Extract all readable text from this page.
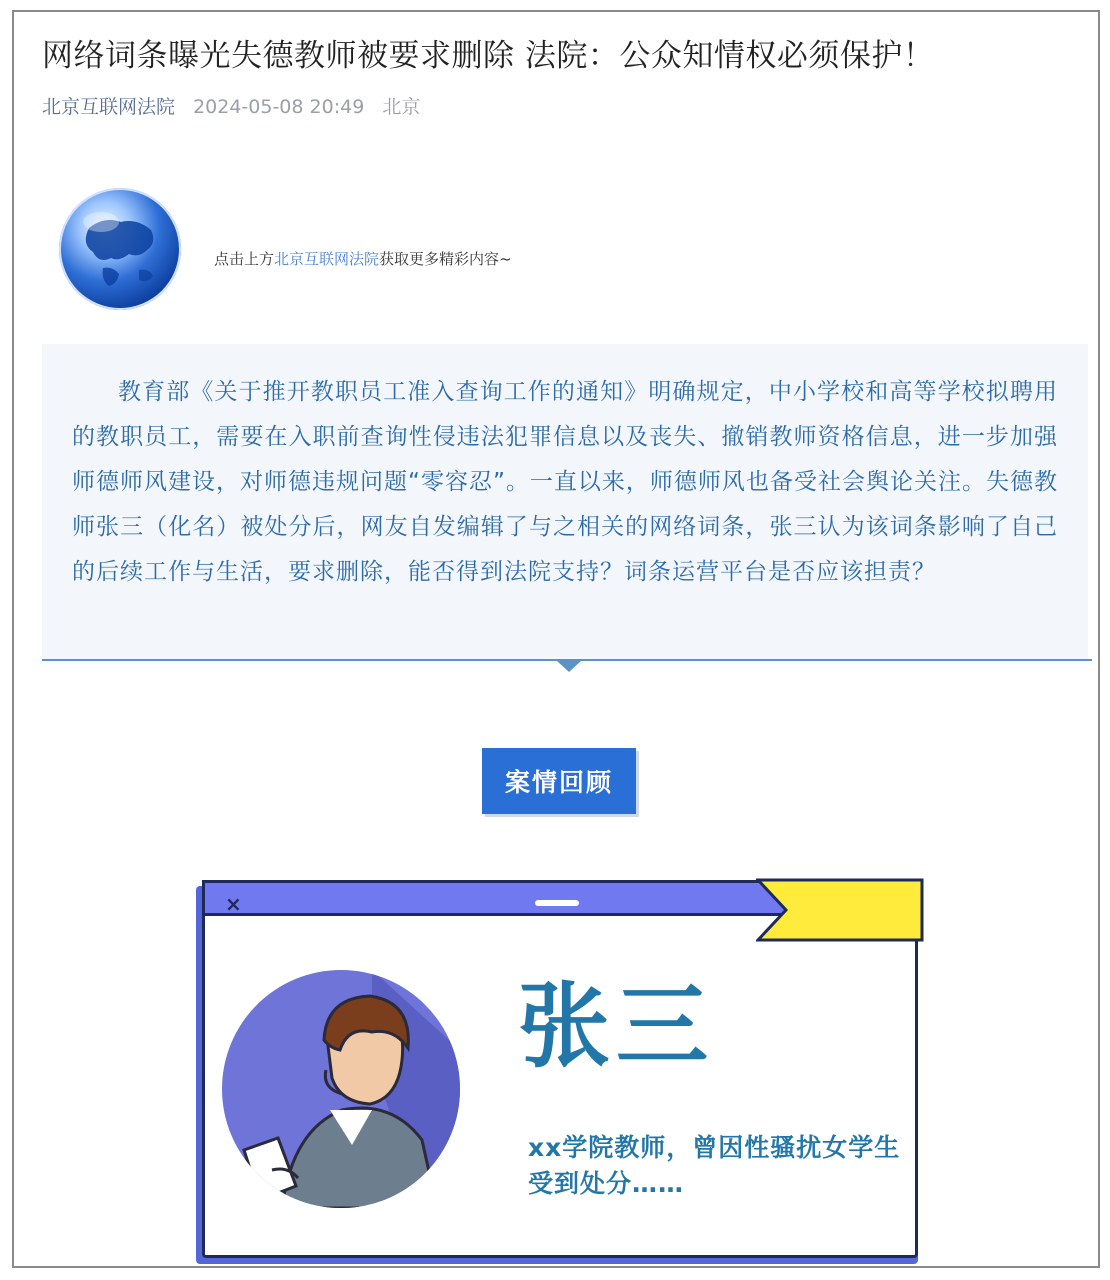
网络词条曝光失德教师被要求删除 法院：公众知情权必须保护！
北京互联网法院 2024-05-08 20:49 北京
点击上方北京互联网法院获取更多精彩内容~

教育部《关于推开教职员工准入查询工作的通知》明确规定，中小学校和高等学校拟聘用的教职员工，需要在入职前查询性侵违法犯罪信息以及丧失、撤销教师资格信息，进一步加强师德师风建设，对师德违规问题“零容忍”。一直以来，师德师风也备受社会舆论关注。失德教师张三（化名）被处分后，网友自发编辑了与之相关的网络词条，张三认为该词条影响了自己的后续工作与生活，要求删除，能否得到法院支持？词条运营平台是否应该担责？

案情回顾
×
张三
xx学院教师，曾因性骚扰女学生受到处分……
